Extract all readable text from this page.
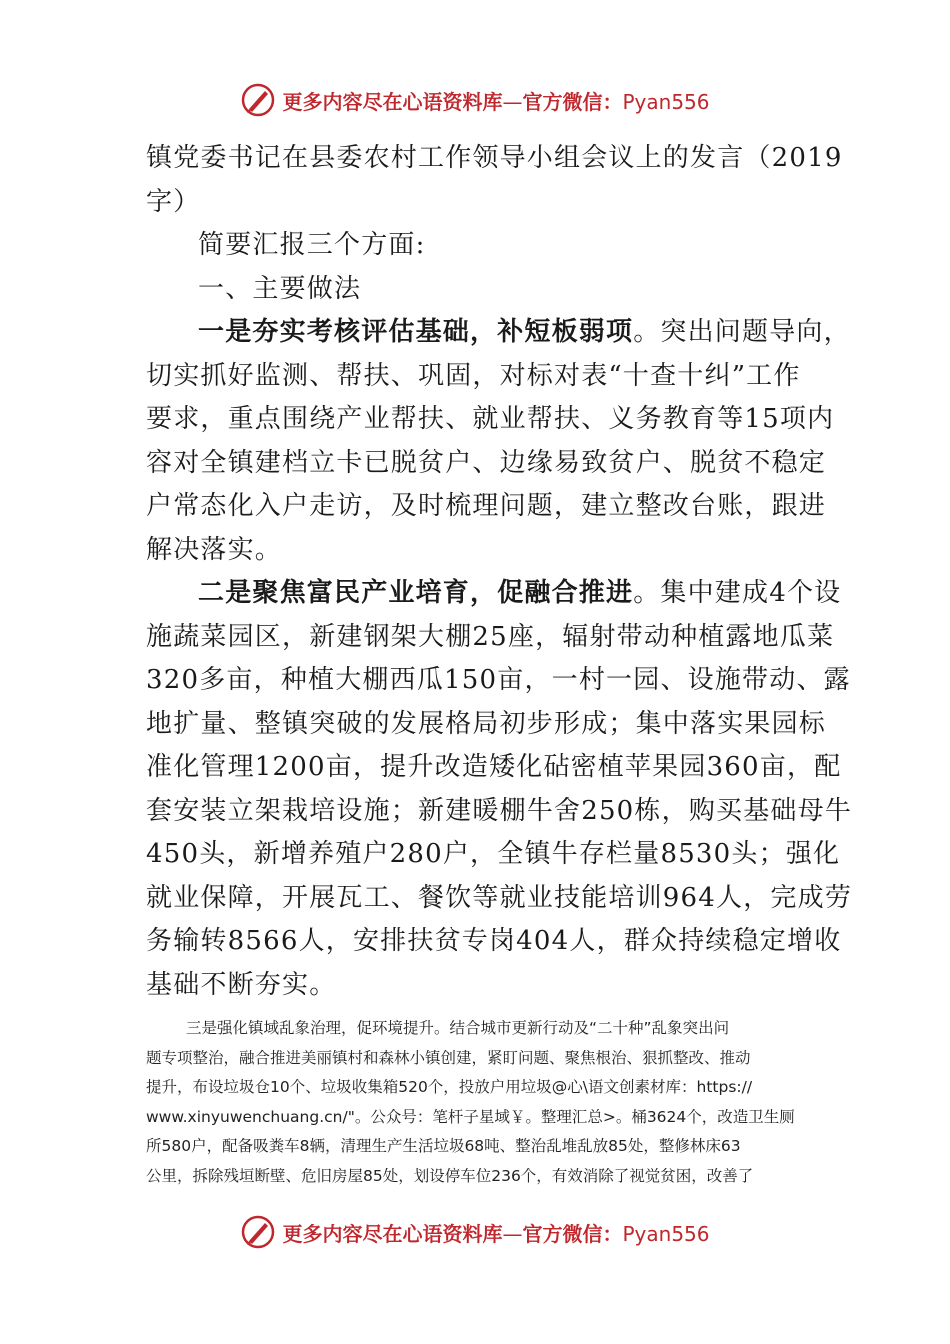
更多内容尽在心语资料库—官方微信：Pyan556
镇党委书记在县委农村工作领导小组会议上的发言（2019
字）
简要汇报三个方面:
一、主要做法
一是夯实考核评估基础，补短板弱项。突出问题导向，
切实抓好监测、帮扶、巩固，对标对表“十查十纠”工作
要求，重点围绕产业帮扶、就业帮扶、义务教育等15项内
容对全镇建档立卡已脱贫户、边缘易致贫户、脱贫不稳定
户常态化入户走访，及时梳理问题，建立整改台账，跟进
解决落实。
二是聚焦富民产业培育，促融合推进。集中建成4个设
施蔬菜园区，新建钢架大棚25座，辐射带动种植露地瓜菜
320多亩，种植大棚西瓜150亩，一村一园、设施带动、露
地扩量、整镇突破的发展格局初步形成；集中落实果园标
准化管理1200亩，提升改造矮化砧密植苹果园360亩，配
套安装立架栽培设施；新建暖棚牛舍250栋，购买基础母牛
450头，新增养殖户280户，全镇牛存栏量8530头；强化
就业保障，开展瓦工、餐饮等就业技能培训964人，完成劳
务输转8566人，安排扶贫专岗404人，群众持续稳定增收
基础不断夯实。
三是强化镇域乱象治理，促环境提升。结合城市更新行动及“二十种”乱象突出问
题专项整治，融合推进美丽镇村和森林小镇创建，紧盯问题、聚焦根治、狠抓整改、推动
提升，布设垃圾仓10个、垃圾收集箱520个，投放户用垃圾@心\语文创素材库：https://
www.xinyuwenchuang.cn/"。公众号：笔杆子星域￥。整理汇总>。桶3624个，改造卫生厕
所580户，配备吸粪车8辆，清理生产生活垃圾68吨、整治乱堆乱放85处，整修林床63
公里，拆除残垣断壁、危旧房屋85处，划设停车位236个，有效消除了视觉贫困，改善了
更多内容尽在心语资料库—官方微信：Pyan556
